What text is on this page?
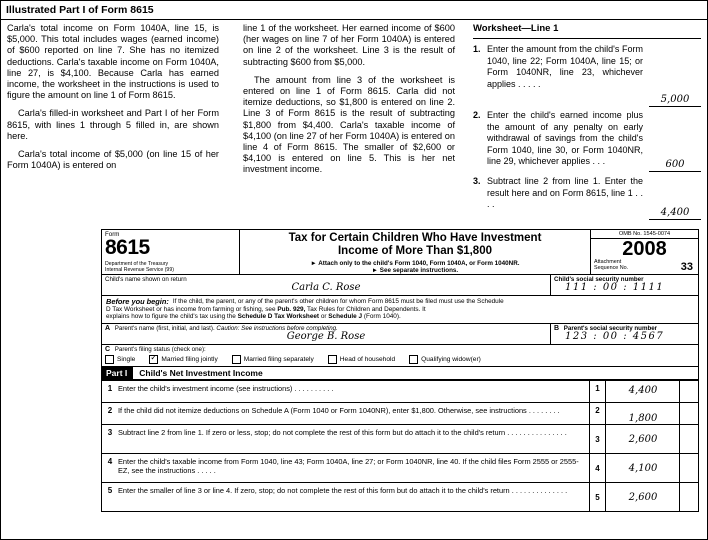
Illustrated Part I of Form 8615

Carla's total income on Form 1040A, line 15, is $5,000. This total includes wages (earned income) of $600 reported on line 7. She has no itemized deductions. Carla's taxable income on Form 1040A, line 27, is $4,100. Because Carla has earned income, the worksheet in the instructions is used to figure the amount on line 1 of Form 8615.

Carla's filled-in worksheet and Part I of her Form 8615, with lines 1 through 5 filled in, are shown here.

Carla's total income of $5,000 (on line 15 of her Form 1040A) is entered on

line 1 of the worksheet. Her earned income of $600 (her wages on line 7 of her Form 1040A) is entered on line 2 of the worksheet. Line 3 is the result of subtracting $600 from $5,000.

The amount from line 3 of the worksheet is entered on line 1 of Form 8615. Carla did not itemize deductions, so $1,800 is entered on line 2. Line 3 of Form 8615 is the result of subtracting $1,800 from $4,400. Carla's taxable income of $4,100 (on line 27 of her Form 1040A) is entered on line 4 of Form 8615. The smaller of $2,600 or $4,100 is entered on line 5. This is her net investment income.

Worksheet—Line 1
1. Enter the amount from the child's Form 1040, line 22; Form 1040A, line 15; or Form 1040NR, line 23, whichever applies . . . . .
5,000
2. Enter the child's earned income plus the amount of any penalty on early withdrawal of savings from the child's Form 1040, line 30, or Form 1040NR, line 29, whichever applies . . .	600
3. Subtract line 2 from line 1. Enter the result here and on Form 8615, line 1 . . . .
4,400
Form
8615
Department of the Treasury
Internal Revenue Service (99)
Tax for Certain Children Who Have Investment
Income of More Than $1,800
► Attach only to the child's Form 1040, Form 1040A, or Form 1040NR.
► See separate instructions.
OMB No. 1545-0074
2008
Attachment
Sequence No.	33
Child's name shown on return
Carla C. Rose
Child's social security number
111 : 00 : 1111
Before you begin: If the child, the parent, or any of the parent's other children for whom Form 8615 must be filed must use the Schedule
D Tax Worksheet or has income from farming or fishing, see Pub. 929, Tax Rules for Children and Dependents. It
explains how to figure the child's tax using the Schedule D Tax Worksheet or Schedule J (Form 1040).
A Parent's name (first, initial, and last). Caution: See instructions before completing.
George B. Rose
B Parent's social security number
123 : 00 : 4567
C Parent's filing status (check one):
Single ✓	Married filing jointly	Married filing separately	Head of household	Qualifying widow(er)
Part I	Child's Net Investment Income
1 Enter the child's investment income (see instructions) . . . . . . . . . .	1	4,400
2 If the child did not itemize deductions on Schedule A (Form 1040 or Form 1040NR), enter $1,800. Otherwise, see instructions . . . . . . . .	2
1,800
3 Subtract line 2 from line 1. If zero or less, stop; do not complete the rest of this form but do attach it to the child's return . . . . . . . . . . . . . . .
3	2,600
4 Enter the child's taxable income from Form 1040, line 43; Form 1040A, line 27; or Form 1040NR, line 40. If the child files Form 2555 or 2555-EZ, see the instructions . . . . .	4	4,100
5 Enter the smaller of line 3 or line 4. If zero, stop; do not complete the rest of this form but do attach it to the child's return . . . . . . . . . . . . . .
5	2,600
